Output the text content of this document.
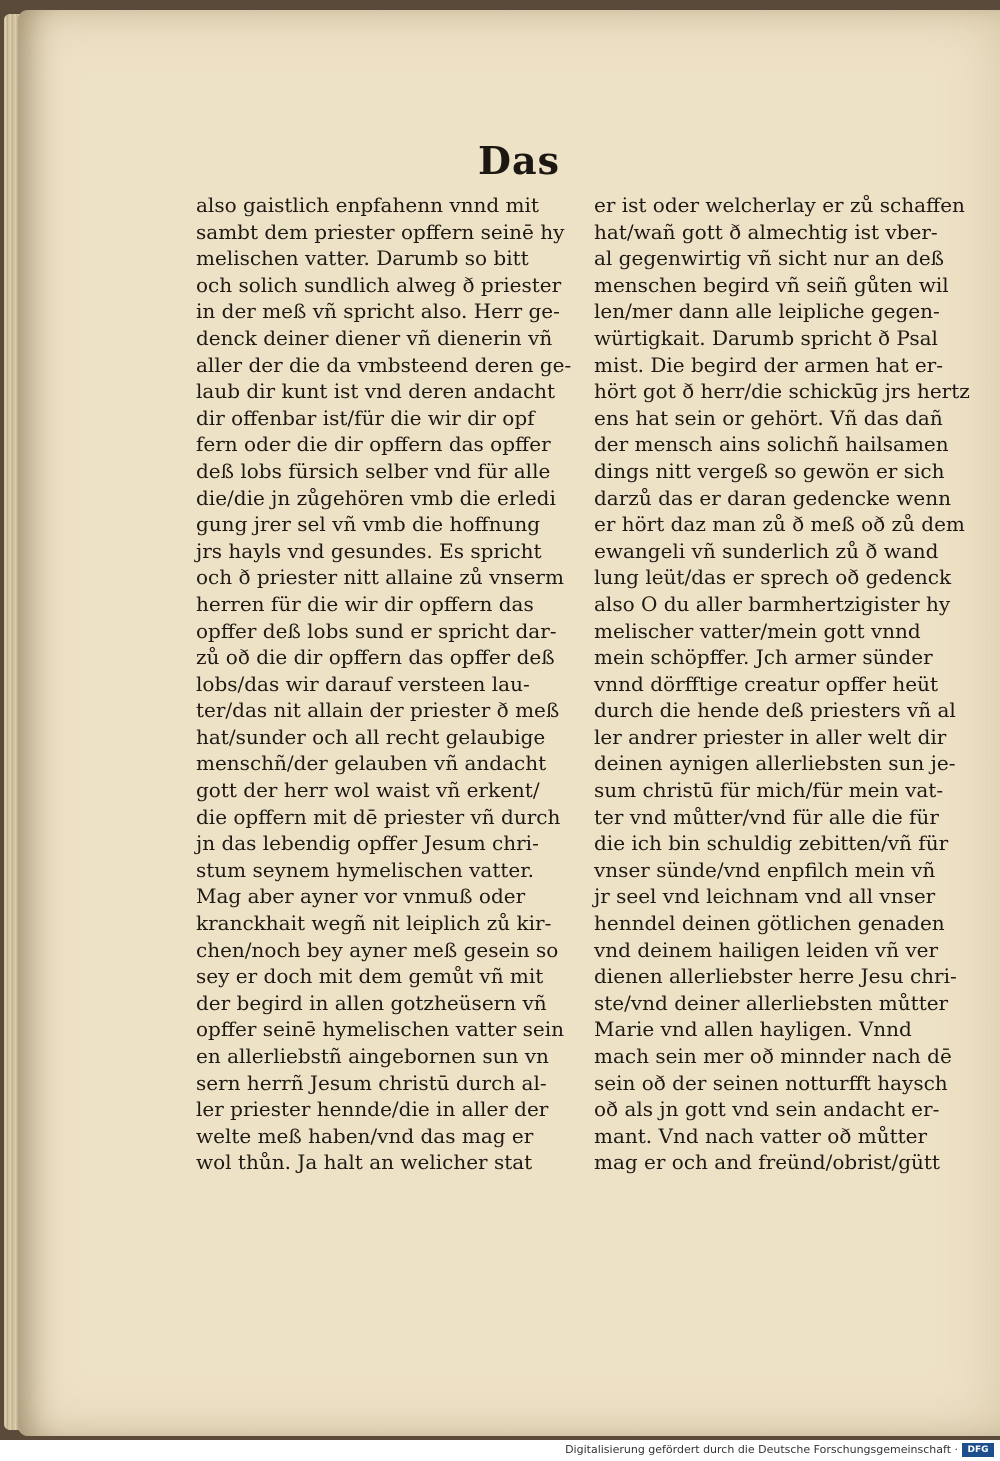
Das
also gaistlich enpfahenn vnnd mit
sambt dem priester opffern seinē hy
melischen vatter. Darumb so bitt
och solich sundlich alweg ð priester
in der meß vñ spricht also. Herr ge-
denck deiner diener vñ dienerin vñ
aller der die da vmbsteend deren ge-
laub dir kunt ist vnd deren andacht
dir offenbar ist/für die wir dir opf
fern oder die dir opffern das opffer
deß lobs fürsich selber vnd für alle
die/die jn zůgehören vmb die erledi
gung jrer sel vñ vmb die hoffnung
jrs hayls vnd gesundes. Es spricht
och ð priester nitt allaine zů vnserm
herren für die wir dir opffern das
opffer deß lobs sund er spricht dar-
zů oð die dir opffern das opffer deß
lobs/das wir darauf versteen lau-
ter/das nit allain der priester ð meß
hat/sunder och all recht gelaubige
menschñ/der gelauben vñ andacht
gott der herr wol waist vñ erkent/
die opffern mit dē priester vñ durch
jn das lebendig opffer Jesum chri-
stum seynem hymelischen vatter.
Mag aber ayner vor vnmuß oder
kranckhait wegñ nit leiplich zů kir-
chen/noch bey ayner meß gesein so
sey er doch mit dem gemůt vñ mit
der begird in allen gotzheüsern vñ
opffer seinē hymelischen vatter sein
en allerliebstñ aingebornen sun vn
sern herrñ Jesum christū durch al-
ler priester hennde/die in aller der
welte meß haben/vnd das mag er
wol thůn. Ja halt an welicher stat
er ist oder welcherlay er zů schaffen
hat/wañ gott ð almechtig ist vber-
al gegenwirtig vñ sicht nur an deß
menschen begird vñ seiñ gůten wil
len/mer dann alle leipliche gegen-
würtigkait. Darumb spricht ð Psal
mist. Die begird der armen hat er-
hört got ð herr/die schickūg jrs hertz
ens hat sein or gehört. Vñ das dañ
der mensch ains solichñ hailsamen
dings nitt vergeß so gewön er sich
darzů das er daran gedencke wenn
er hört daz man zů ð meß oð zů dem
ewangeli vñ sunderlich zů ð wand
lung leüt/das er sprech oð gedenck
also O du aller barmhertzigister hy
melischer vatter/mein gott vnnd
mein schöpffer. Jch armer sünder
vnnd dörfftige creatur opffer heüt
durch die hende deß priesters vñ al
ler andrer priester in aller welt dir
deinen aynigen allerliebsten sun je-
sum christū für mich/für mein vat-
ter vnd můtter/vnd für alle die für
die ich bin schuldig zebitten/vñ für
vnser sünde/vnd enpfilch mein vñ
jr seel vnd leichnam vnd all vnser
henndel deinen götlichen genaden
vnd deinem hailigen leiden vñ ver
dienen allerliebster herre Jesu chri-
ste/vnd deiner allerliebsten můtter
Marie vnd allen hayligen. Vnnd
mach sein mer oð minnder nach dē
sein oð der seinen notturfft haysch
oð als jn gott vnd sein andacht er-
mant. Vnd nach vatter oð můtter
mag er och and freünd/obrist/gütt
Digitalisierung gefördert durch die Deutsche Forschungsgemeinschaft ·	DFG
